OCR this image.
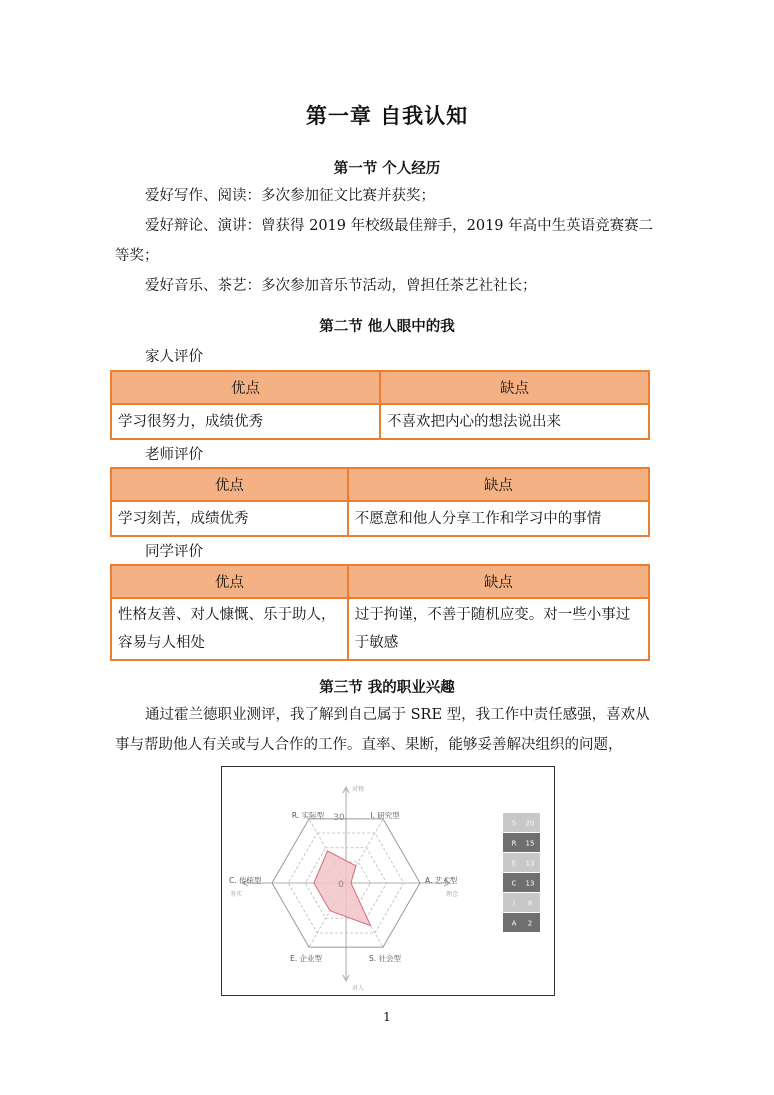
第一章 自我认知
第一节 个人经历
爱好写作、阅读：多次参加征文比赛并获奖；
爱好辩论、演讲：曾获得 2019 年校级最佳辩手，2019 年高中生英语竞赛赛二等奖；
爱好音乐、茶艺：多次参加音乐节活动，曾担任茶艺社社长；
第二节 他人眼中的我
家人评价
优点	缺点
学习很努力，成绩优秀	不喜欢把内心的想法说出来
老师评价
优点	缺点
学习刻苦，成绩优秀	不愿意和他人分享工作和学习中的事情
同学评价
优点	缺点
性格友善、对人慷慨、乐于助人，容易与人相处	过于拘谨，不善于随机应变。对一些小事过于敏感
第三节 我的职业兴趣
通过霍兰德职业测评，我了解到自己属于 SRE 型，我工作中责任感强，喜欢从事与帮助他人有关或与人合作的工作。直率、果断，能够妥善解决组织的问题，
30
0
对物
对人
务实	理念
R. 实际型	I. 研究型
A. 艺术型
S. 社会型
E. 企业型
C. 传统型
S 20
R 15
E 13
C 13
I 8
A 2
1
